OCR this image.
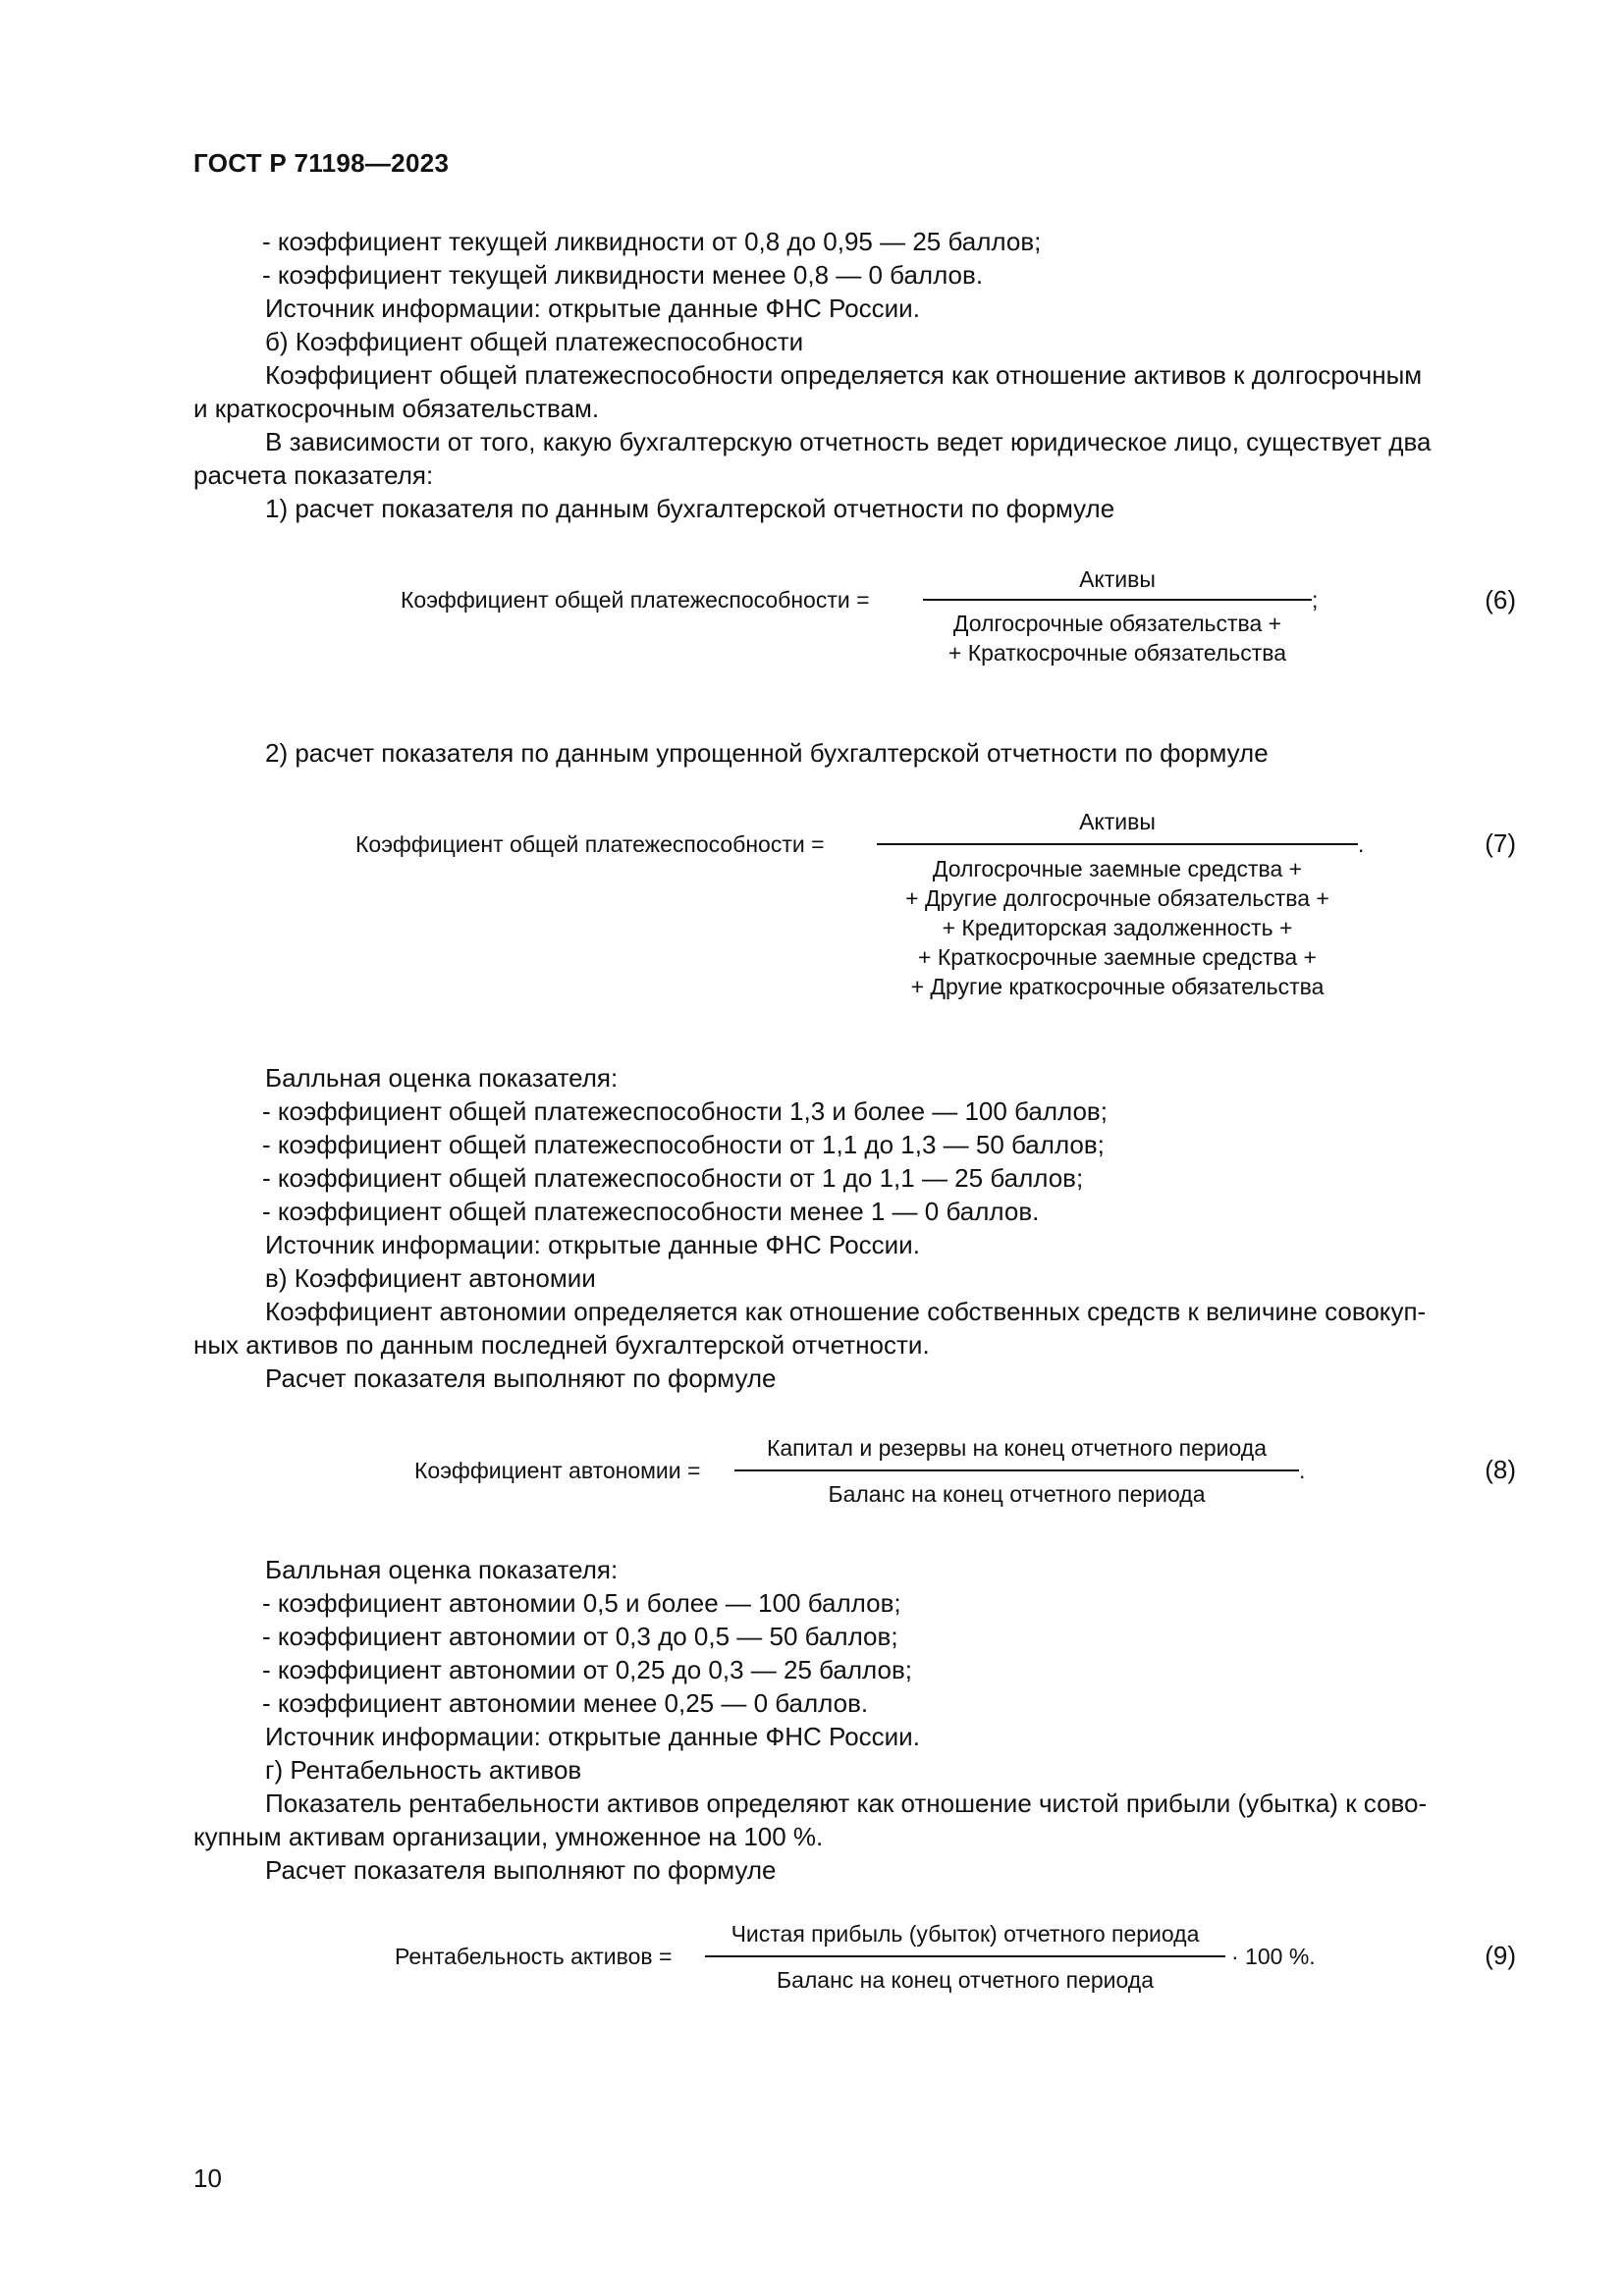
ГОСТ Р 71198—2023
- коэффициент текущей ликвидности от 0,8 до 0,95 — 25 баллов;
- коэффициент текущей ликвидности менее 0,8 — 0 баллов.
Источник информации: открытые данные ФНС России.
б) Коэффициент общей платежеспособности
Коэффициент общей платежеспособности определяется как отношение активов к долгосрочным
и краткосрочным обязательствам.
В зависимости от того, какую бухгалтерскую отчетность ведет юридическое лицо, существует два
расчета показателя:
1) расчет показателя по данным бухгалтерской отчетности по формуле
Коэффициент общей платежеспособности =
Активы
;
Долгосрочные обязательства +
+ Краткосрочные обязательства
(6)
2) расчет показателя по данным упрощенной бухгалтерской отчетности по формуле
Коэффициент общей платежеспособности =
Активы
.
Долгосрочные заемные средства +
+ Другие долгосрочные обязательства +
+ Кредиторская задолженность +
+ Краткосрочные заемные средства +
+ Другие краткосрочные обязательства
(7)
Балльная оценка показателя:
- коэффициент общей платежеспособности 1,3 и более — 100 баллов;
- коэффициент общей платежеспособности от 1,1 до 1,3 — 50 баллов;
- коэффициент общей платежеспособности от 1 до 1,1 — 25 баллов;
- коэффициент общей платежеспособности менее 1 — 0 баллов.
Источник информации: открытые данные ФНС России.
в) Коэффициент автономии
Коэффициент автономии определяется как отношение собственных средств к величине совокуп-
ных активов по данным последней бухгалтерской отчетности.
Расчет показателя выполняют по формуле
Коэффициент автономии =
Капитал и резервы на конец отчетного периода
.
Баланс на конец отчетного периода
(8)
Балльная оценка показателя:
- коэффициент автономии 0,5 и более — 100 баллов;
- коэффициент автономии от 0,3 до 0,5 — 50 баллов;
- коэффициент автономии от 0,25 до 0,3 — 25 баллов;
- коэффициент автономии менее 0,25 — 0 баллов.
Источник информации: открытые данные ФНС России.
г) Рентабельность активов
Показатель рентабельности активов определяют как отношение чистой прибыли (убытка) к сово-
купным активам организации, умноженное на 100 %.
Расчет показателя выполняют по формуле
Рентабельность активов =
Чистая прибыль (убыток) отчетного периода
· 100 %.
Баланс на конец отчетного периода
(9)
10
